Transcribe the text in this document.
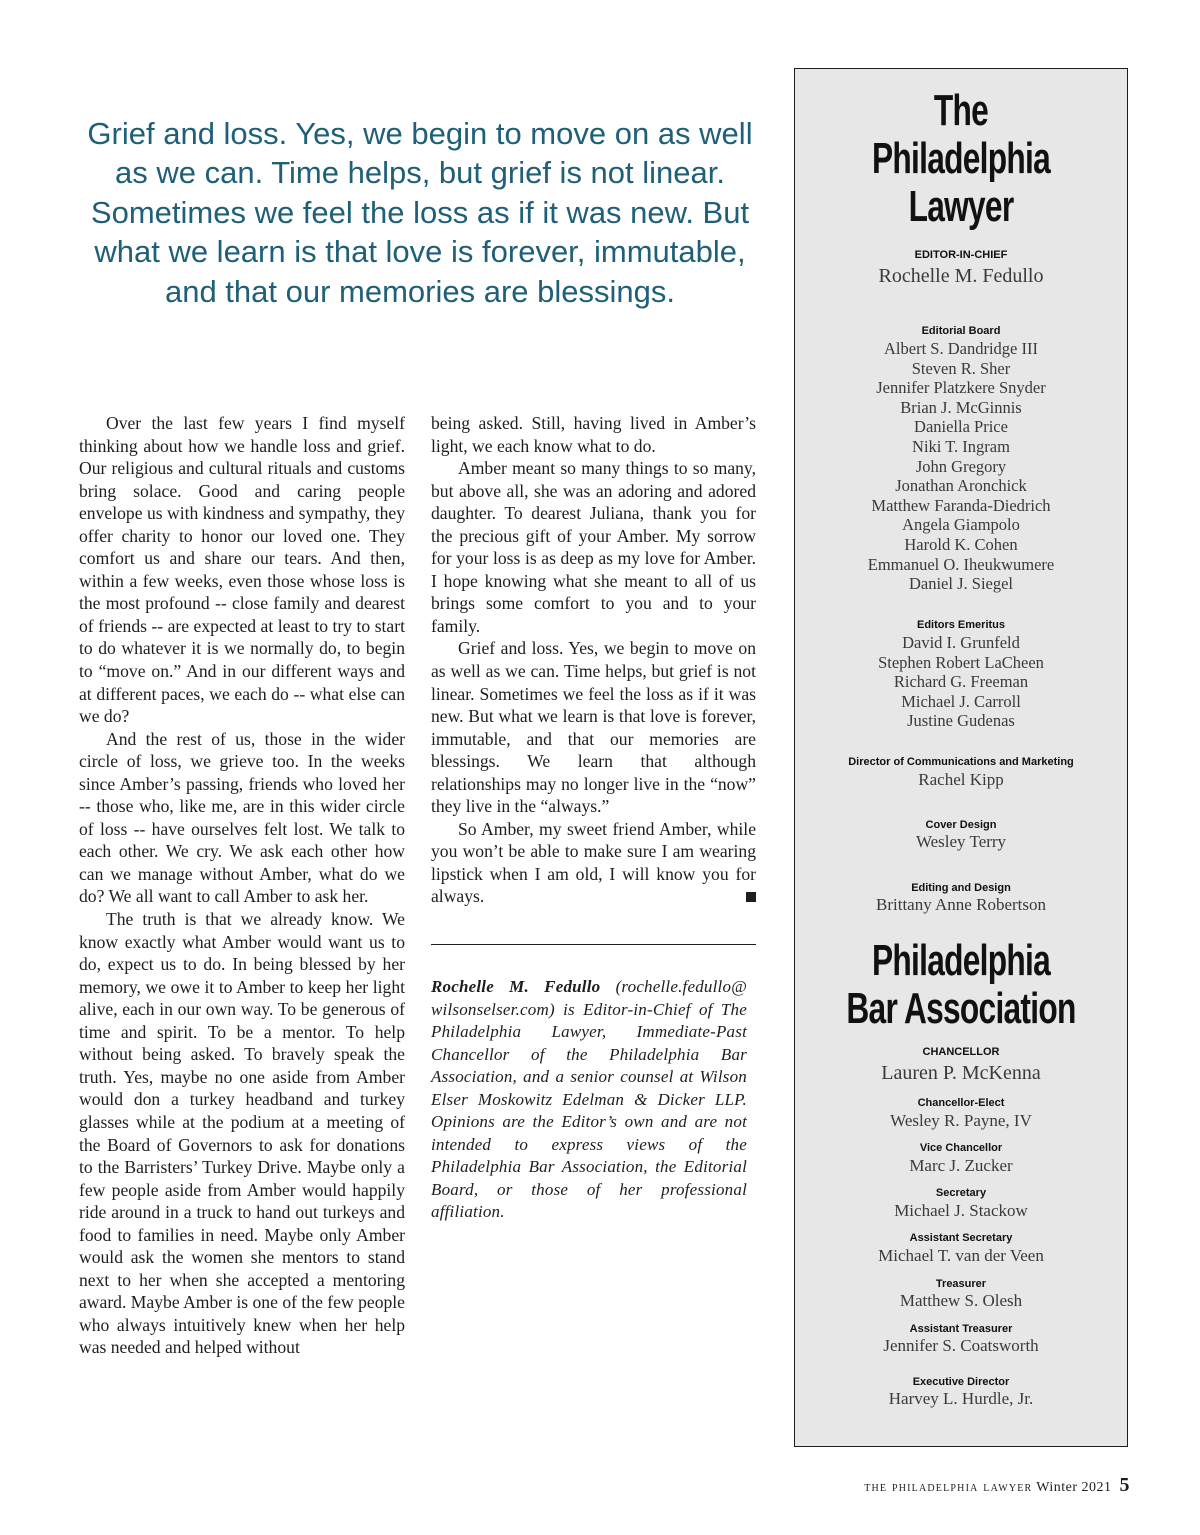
Grief and loss. Yes, we begin to move on as well as we can. Time helps, but grief is not linear. Sometimes we feel the loss as if it was new. But what we learn is that love is forever, immutable, and that our memories are blessings.

Over the last few years I find myself thinking about how we handle loss and grief. Our religious and cultural rituals and customs bring solace. Good and caring people envelope us with kindness and sympathy, they offer charity to honor our loved one. They comfort us and share our tears. And then, within a few weeks, even those whose loss is the most profound -- close family and dearest of friends -- are expected at least to try to start to do whatever it is we normally do, to begin to “move on.” And in our different ways and at different paces, we each do -- what else can we do?

And the rest of us, those in the wider circle of loss, we grieve too. In the weeks since Amber’s passing, friends who loved her -- those who, like me, are in this wider circle of loss -- have ourselves felt lost. We talk to each other. We cry. We ask each other how can we manage without Amber, what do we do? We all want to call Amber to ask her.

The truth is that we already know. We know exactly what Amber would want us to do, expect us to do. In being blessed by her memory, we owe it to Amber to keep her light alive, each in our own way. To be generous of time and spirit. To be a mentor. To help without being asked. To bravely speak the truth. Yes, maybe no one aside from Amber would don a turkey headband and turkey glasses while at the podium at a meeting of the Board of Governors to ask for donations to the Barristers’ Turkey Drive. Maybe only a few people aside from Amber would happily ride around in a truck to hand out turkeys and food to families in need. Maybe only Amber would ask the women she mentors to stand next to her when she accepted a mentoring award. Maybe Amber is one of the few people who always intuitively knew when her help was needed and helped without

being asked. Still, having lived in Amber’s light, we each know what to do.

Amber meant so many things to so many, but above all, she was an adoring and adored daughter. To dearest Juliana, thank you for the precious gift of your Amber. My sorrow for your loss is as deep as my love for Amber. I hope knowing what she meant to all of us brings some comfort to you and to your family.

Grief and loss. Yes, we begin to move on as well as we can. Time helps, but grief is not linear. Sometimes we feel the loss as if it was new. But what we learn is that love is forever, immutable, and that our memories are blessings. We learn that although relationships may no longer live in the “now” they live in the “always.”

So Amber, my sweet friend Amber, while you won’t be able to make sure I am wearing lipstick when I am old, I will know you for always.

Rochelle M. Fedullo (rochelle.fedullo@ wilsonselser.com) is Editor-in-Chief of The Philadelphia Lawyer, Immediate-Past Chancellor of the Philadelphia Bar Association, and a senior counsel at Wilson Elser Moskowitz Edelman & Dicker LLP. Opinions are the Editor’s own and are not intended to express views of the Philadelphia Bar Association, the Editorial Board, or those of her professional affiliation.
The
Philadelphia
Lawyer
EDITOR-IN-CHIEF
Rochelle M. Fedullo
Editorial Board
Albert S. Dandridge III
Steven R. Sher
Jennifer Platzkere Snyder
Brian J. McGinnis
Daniella Price
Niki T. Ingram
John Gregory
Jonathan Aronchick
Matthew Faranda-Diedrich
Angela Giampolo
Harold K. Cohen
Emmanuel O. Iheukwumere
Daniel J. Siegel
Editors Emeritus
David I. Grunfeld
Stephen Robert LaCheen
Richard G. Freeman
Michael J. Carroll
Justine Gudenas
Director of Communications and Marketing
Rachel Kipp
Cover Design
Wesley Terry
Editing and Design
Brittany Anne Robertson
Philadelphia
Bar Association
CHANCELLOR
Lauren P. McKenna
Chancellor-Elect
Wesley R. Payne, IV
Vice Chancellor
Marc J. Zucker
Secretary
Michael J. Stackow
Assistant Secretary
Michael T. van der Veen
Treasurer
Matthew S. Olesh
Assistant Treasurer
Jennifer S. Coatsworth
Executive Director
Harvey L. Hurdle, Jr.
the philadelphia lawyer Winter 2021 5
